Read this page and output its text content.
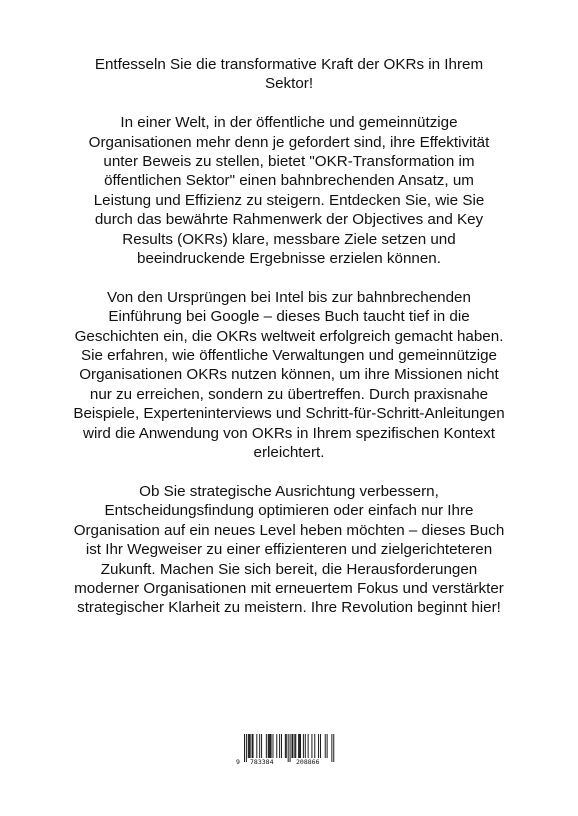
Entfesseln Sie die transformative Kraft der OKRs in Ihrem
Sektor!

In einer Welt, in der öffentliche und gemeinnützige
Organisationen mehr denn je gefordert sind, ihre Effektivität
unter Beweis zu stellen, bietet "OKR-Transformation im
öffentlichen Sektor" einen bahnbrechenden Ansatz, um
Leistung und Effizienz zu steigern. Entdecken Sie, wie Sie
durch das bewährte Rahmenwerk der Objectives and Key
Results (OKRs) klare, messbare Ziele setzen und
beeindruckende Ergebnisse erzielen können.

Von den Ursprüngen bei Intel bis zur bahnbrechenden
Einführung bei Google – dieses Buch taucht tief in die
Geschichten ein, die OKRs weltweit erfolgreich gemacht haben.
Sie erfahren, wie öffentliche Verwaltungen und gemeinnützige
Organisationen OKRs nutzen können, um ihre Missionen nicht
nur zu erreichen, sondern zu übertreffen. Durch praxisnahe
Beispiele, Experteninterviews und Schritt-für-Schritt-Anleitungen
wird die Anwendung von OKRs in Ihrem spezifischen Kontext
erleichtert.

Ob Sie strategische Ausrichtung verbessern,
Entscheidungsfindung optimieren oder einfach nur Ihre
Organisation auf ein neues Level heben möchten – dieses Buch
ist Ihr Wegweiser zu einer effizienteren und zielgerichteteren
Zukunft. Machen Sie sich bereit, die Herausforderungen
moderner Organisationen mit erneuertem Fokus und verstärkter
strategischer Klarheit zu meistern. Ihre Revolution beginnt hier!

9 783384	208866
